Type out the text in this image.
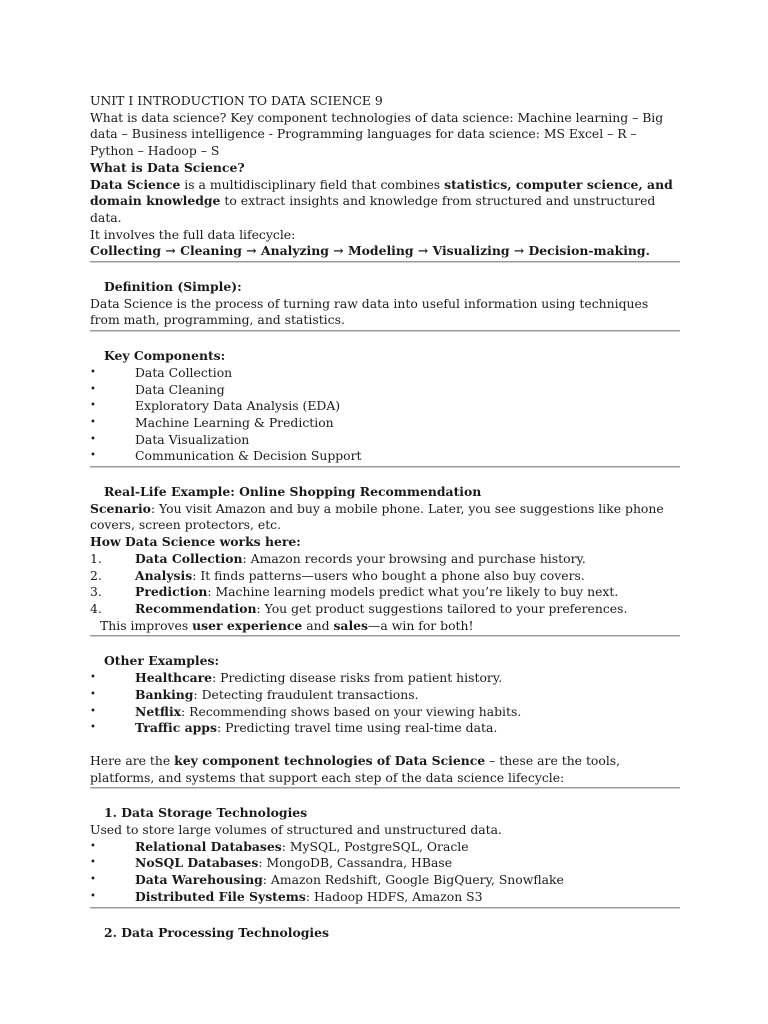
UNIT I INTRODUCTION TO DATA SCIENCE 9

What is data science? Key component technologies of data science: Machine learning – Big data – Business intelligence - Programming languages for data science: MS Excel – R – Python – Hadoop – S

What is Data Science?

Data Science is a multidisciplinary field that combines statistics, computer science, and domain knowledge to extract insights and knowledge from structured and unstructured data.

It involves the full data lifecycle:

Collecting → Cleaning → Analyzing → Modeling → Visualizing → Decision-making.

Definition (Simple):

Data Science is the process of turning raw data into useful information using techniques from math, programming, and statistics.

Key Components:

•	Data Collection
•	Data Cleaning
•	Exploratory Data Analysis (EDA)
•	Machine Learning & Prediction
•	Data Visualization
•	Communication & Decision Support

Real-Life Example: Online Shopping Recommendation

Scenario: You visit Amazon and buy a mobile phone. Later, you see suggestions like phone covers, screen protectors, etc.

How Data Science works here:

1.	Data Collection: Amazon records your browsing and purchase history.
2.	Analysis: It finds patterns—users who bought a phone also buy covers.
3.	Prediction: Machine learning models predict what you’re likely to buy next.
4.	Recommendation: You get product suggestions tailored to your preferences.

This improves user experience and sales—a win for both!

Other Examples:

•	Healthcare: Predicting disease risks from patient history.
•	Banking: Detecting fraudulent transactions.
•	Netflix: Recommending shows based on your viewing habits.
•	Traffic apps: Predicting travel time using real-time data.

Here are the key component technologies of Data Science – these are the tools, platforms, and systems that support each step of the data science lifecycle:

1. Data Storage Technologies

Used to store large volumes of structured and unstructured data.

•	Relational Databases: MySQL, PostgreSQL, Oracle
•	NoSQL Databases: MongoDB, Cassandra, HBase
•	Data Warehousing: Amazon Redshift, Google BigQuery, Snowflake
•	Distributed File Systems: Hadoop HDFS, Amazon S3

2. Data Processing Technologies
